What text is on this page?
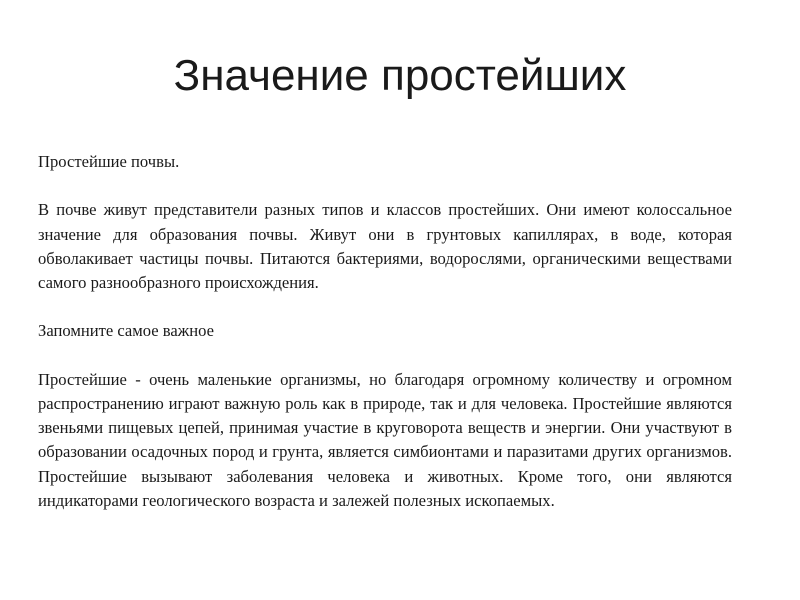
Значение простейших

Простейшие почвы.

В почве живут представители разных типов и классов простейших. Они имеют колоссальное значение для образования почвы. Живут они в грунтовых капиллярах, в воде, которая обволакивает частицы почвы. Питаются бактериями, водорослями, органическими веществами самого разнообразного происхождения.

Запомните самое важное

Простейшие - очень маленькие организмы, но благодаря огромному количеству и огромном распространению играют важную роль как в природе, так и для человека. Простейшие являются звеньями пищевых цепей, принимая участие в круговорота веществ и энергии. Они участвуют в образовании осадочных пород и грунта, является симбионтами и паразитами других организмов. Простейшие вызывают заболевания человека и животных. Кроме того, они являются индикаторами геологического возраста и залежей полезных ископаемых.
